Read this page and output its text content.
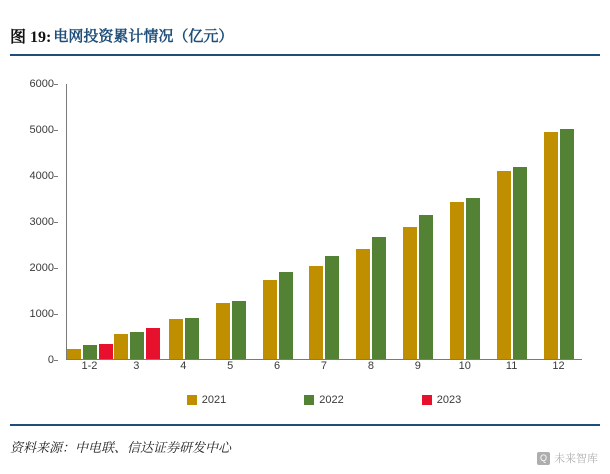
图 19: 电网投资累计情况（亿元）
0
1000
2000
3000
4000
5000
6000
1-2	3	4	5	6	7	8	9	10	11	12
2021	2022	2023
资料来源：中电联、信达证券研发中心
Q 未来智库
